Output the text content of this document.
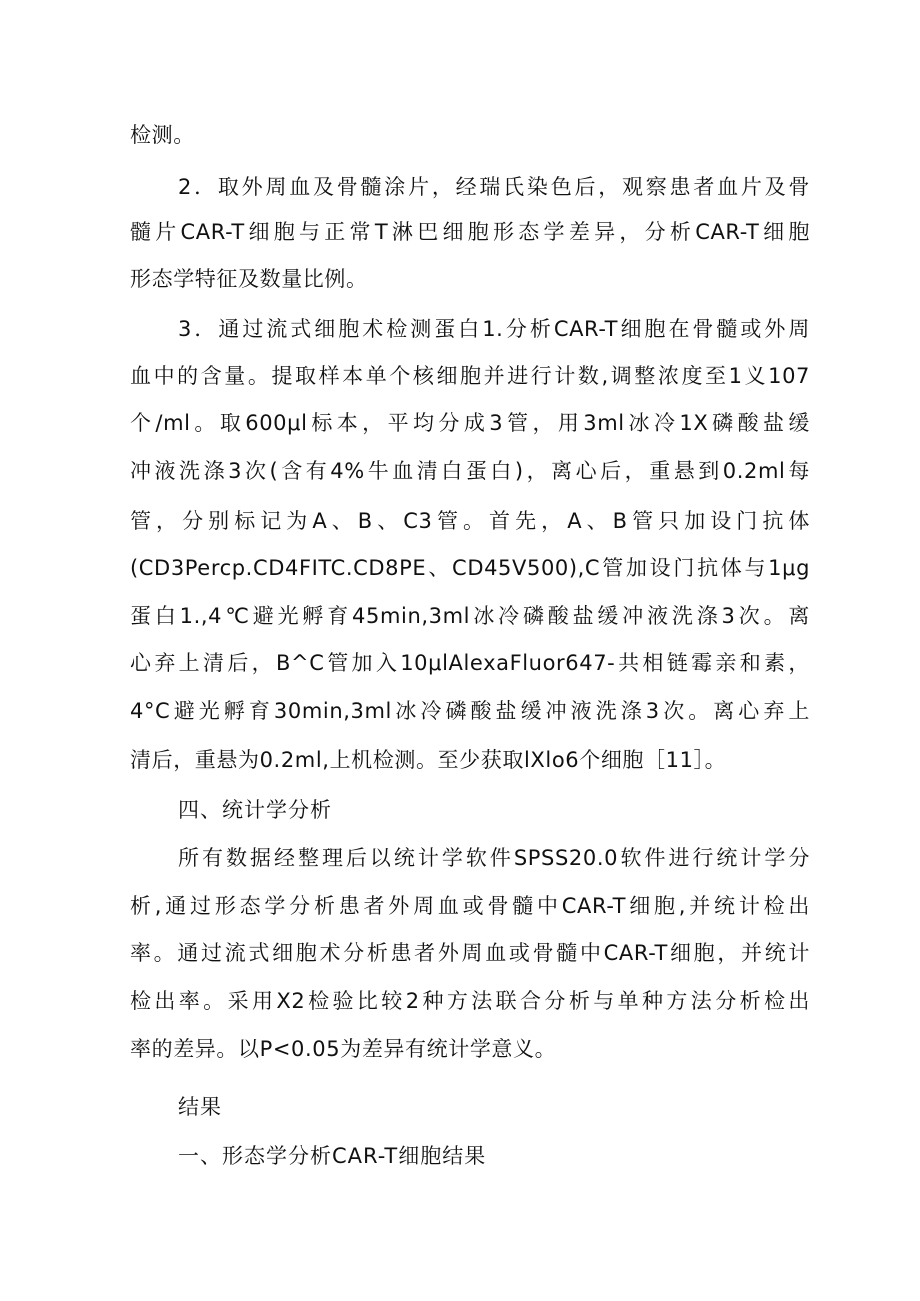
检测。
2．取外周血及骨髓涂片，经瑞氏染色后，观察患者血片及骨
髓片CAR-T细胞与正常T淋巴细胞形态学差异，分析CAR-T细胞
形态学特征及数量比例。
3．通过流式细胞术检测蛋白1.分析CAR-T细胞在骨髓或外周
血中的含量。提取样本单个核细胞并进行计数,调整浓度至1义107
个/ml。取600μl标本，平均分成3管，用3ml冰冷1X磷酸盐缓
冲液洗涤3次(含有4%牛血清白蛋白)，离心后，重悬到0.2ml每
管，分别标记为A、B、C3管。首先，A、B管只加设门抗体
(CD3Percp.CD4FITC.CD8PE、CD45V500),C管加设门抗体与1μg
蛋白1.,4℃避光孵育45min,3ml冰冷磷酸盐缓冲液洗涤3次。离
心弃上清后，B^C管加入10μlAlexaFluor647-共相链霉亲和素，
4°C避光孵育30min,3ml冰冷磷酸盐缓冲液洗涤3次。离心弃上
清后，重悬为0.2ml,上机检测。至少获取lXlo6个细胞［11］。
四、统计学分析
所有数据经整理后以统计学软件SPSS20.0软件进行统计学分
析,通过形态学分析患者外周血或骨髓中CAR-T细胞,并统计检出
率。通过流式细胞术分析患者外周血或骨髓中CAR-T细胞，并统计
检出率。采用X2检验比较2种方法联合分析与单种方法分析检出
率的差异。以P<0.05为差异有统计学意义。
结果
一、形态学分析CAR-T细胞结果
